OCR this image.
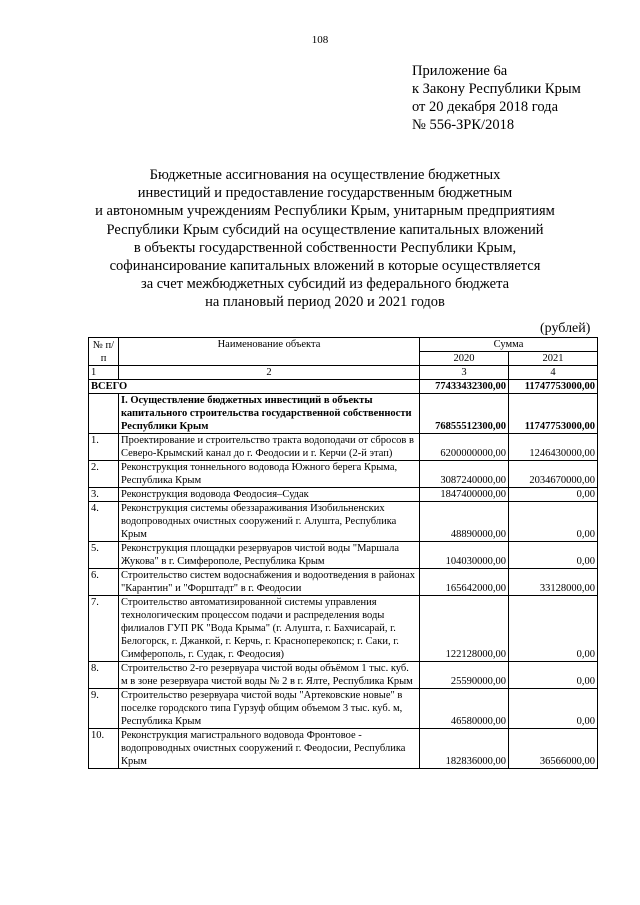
108
Приложение 6а
к Закону Республики Крым
от 20 декабря 2018 года
№ 556-ЗРК/2018
Бюджетные ассигнования на осуществление бюджетных
инвестиций и предоставление государственным бюджетным
и автономным учреждениям Республики Крым, унитарным предприятиям
Республики Крым субсидий на осуществление капитальных вложений
в объекты государственной собственности Республики Крым,
софинансирование капитальных вложений в которые осуществляется
за счет межбюджетных субсидий из федерального бюджета
на плановый период 2020 и 2021 годов
(рублей)
№ п/п	Наименование объекта	Сумма	
		2020	2021
1	2	3	4
ВСЕГО		77433432300,00	11747753000,00
	I. Осуществление бюджетных инвестиций в объекты капитального строительства государственной собственности Республики Крым	76855512300,00	11747753000,00
1.	Проектирование и строительство тракта водоподачи от сбросов в Северо-Крымский канал до г. Феодосии и г. Керчи (2-й этап)	6200000000,00	1246430000,00
2.	Реконструкция тоннельного водовода Южного берега Крыма, Республика Крым	3087240000,00	2034670000,00
3.	Реконструкция водовода Феодосия–Судак	1847400000,00	0,00
4.	Реконструкция системы обеззараживания Изобильненских водопроводных очистных сооружений г. Алушта, Республика Крым	48890000,00	0,00
5.	Реконструкция площадки резервуаров чистой воды "Маршала Жукова" в г. Симферополе, Республика Крым	104030000,00	0,00
6.	Строительство систем водоснабжения и водоотведения в районах "Карантин" и "Форштадт" в г. Феодосии	165642000,00	33128000,00
7.	Строительство автоматизированной системы управления технологическим процессом подачи и распределения воды филиалов ГУП РК "Вода Крыма" (г. Алушта, г. Бахчисарай, г. Белогорск, г. Джанкой, г. Керчь, г. Красноперекопск; г. Саки, г. Симферополь, г. Судак, г. Феодосия)	122128000,00	0,00
8.	Строительство 2-го резервуара чистой воды объёмом 1 тыс. куб. м в зоне резервуара чистой воды № 2 в г. Ялте, Республика Крым	25590000,00	0,00
9.	Строительство резервуара чистой воды "Артековские новые" в поселке городского типа Гурзуф общим объемом 3 тыс. куб. м, Республика Крым	46580000,00	0,00
10.	Реконструкция магистрального водовода Фронтовое - водопроводных очистных сооружений г. Феодосии, Республика Крым	182836000,00	36566000,00
